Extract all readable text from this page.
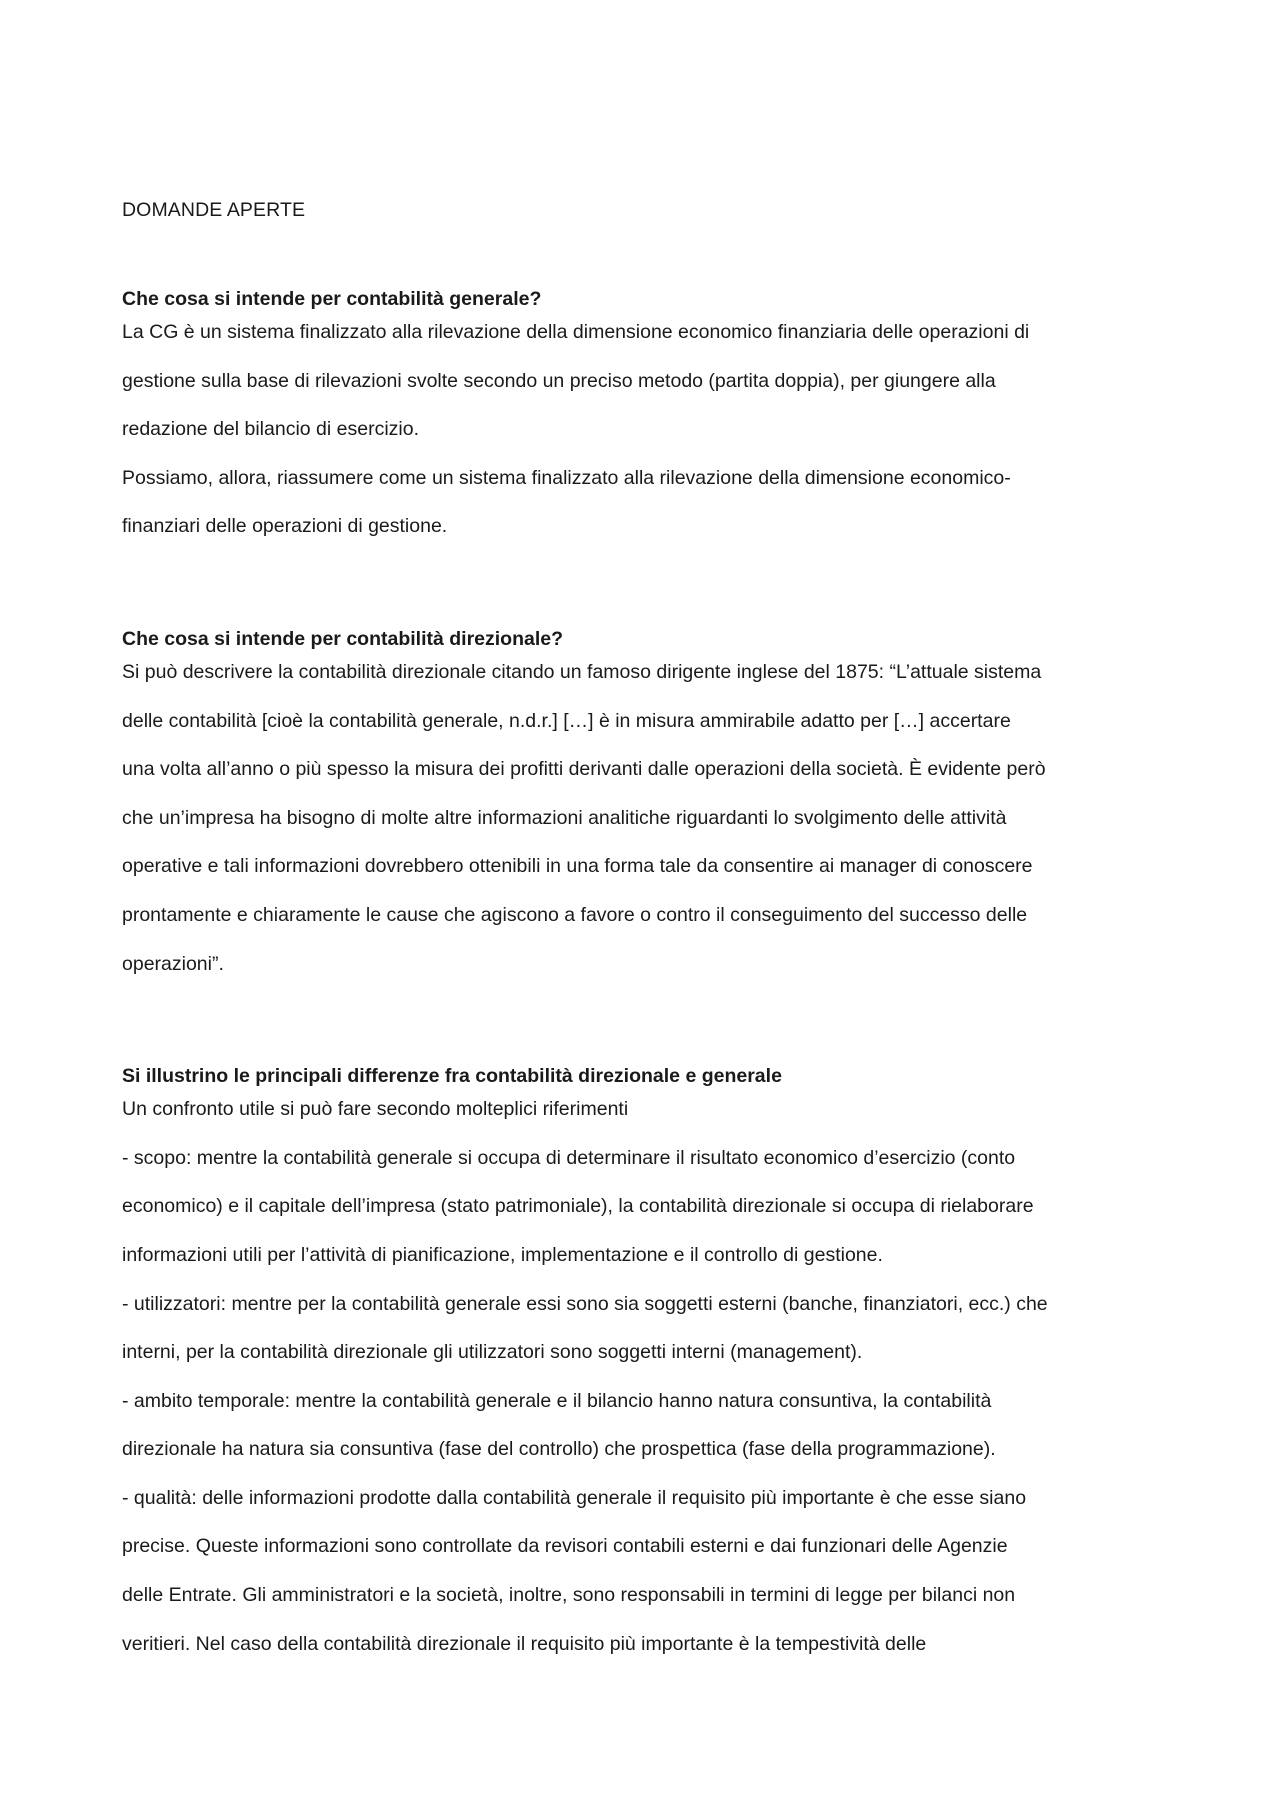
DOMANDE APERTE
Che cosa si intende per contabilità generale?
La CG è un sistema finalizzato alla rilevazione della dimensione economico finanziaria delle operazioni di
gestione sulla base di rilevazioni svolte secondo un preciso metodo (partita doppia), per giungere alla
redazione del bilancio di esercizio.
Possiamo, allora, riassumere come un sistema finalizzato alla rilevazione della dimensione economico-
finanziari delle operazioni di gestione.
Che cosa si intende per contabilità direzionale?
Si può descrivere la contabilità direzionale citando un famoso dirigente inglese del 1875: “L’attuale sistema
delle contabilità [cioè la contabilità generale, n.d.r.] […] è in misura ammirabile adatto per […] accertare
una volta all’anno o più spesso la misura dei profitti derivanti dalle operazioni della società. È evidente però
che un’impresa ha bisogno di molte altre informazioni analitiche riguardanti lo svolgimento delle attività
operative e tali informazioni dovrebbero ottenibili in una forma tale da consentire ai manager di conoscere
prontamente e chiaramente le cause che agiscono a favore o contro il conseguimento del successo delle
operazioni”.
Si illustrino le principali differenze fra contabilità direzionale e generale
Un confronto utile si può fare secondo molteplici riferimenti
- scopo: mentre la contabilità generale si occupa di determinare il risultato economico d’esercizio (conto
economico) e il capitale dell’impresa (stato patrimoniale), la contabilità direzionale si occupa di rielaborare
informazioni utili per l’attività di pianificazione, implementazione e il controllo di gestione.
- utilizzatori: mentre per la contabilità generale essi sono sia soggetti esterni (banche, finanziatori, ecc.) che
interni, per la contabilità direzionale gli utilizzatori sono soggetti interni (management).
- ambito temporale: mentre la contabilità generale e il bilancio hanno natura consuntiva, la contabilità
direzionale ha natura sia consuntiva (fase del controllo) che prospettica (fase della programmazione).
- qualità: delle informazioni prodotte dalla contabilità generale il requisito più importante è che esse siano
precise. Queste informazioni sono controllate da revisori contabili esterni e dai funzionari delle Agenzie
delle Entrate. Gli amministratori e la società, inoltre, sono responsabili in termini di legge per bilanci non
veritieri. Nel caso della contabilità direzionale il requisito più importante è la tempestività delle
